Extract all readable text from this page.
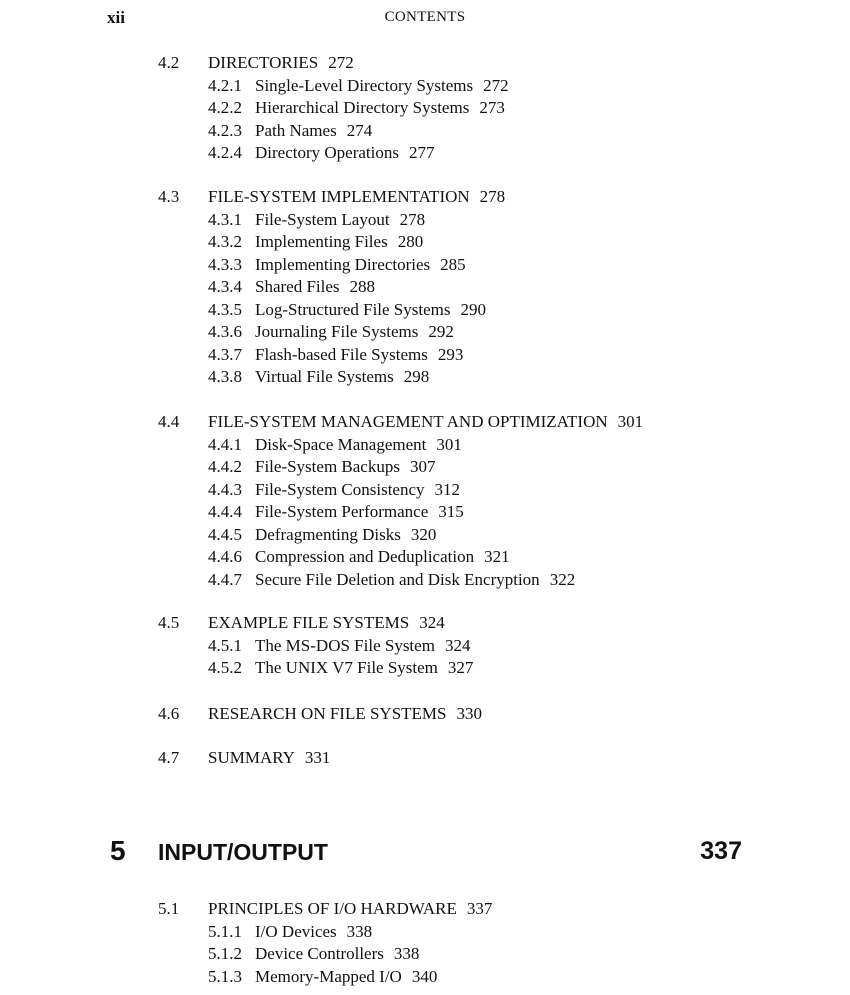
xii	CONTENTS
4.2 DIRECTORIES 272
4.2.1 Single-Level Directory Systems 272
4.2.2 Hierarchical Directory Systems 273
4.2.3 Path Names 274
4.2.4 Directory Operations 277
4.3 FILE-SYSTEM IMPLEMENTATION 278
4.3.1 File-System Layout 278
4.3.2 Implementing Files 280
4.3.3 Implementing Directories 285
4.3.4 Shared Files 288
4.3.5 Log-Structured File Systems 290
4.3.6 Journaling File Systems 292
4.3.7 Flash-based File Systems 293
4.3.8 Virtual File Systems 298
4.4 FILE-SYSTEM MANAGEMENT AND OPTIMIZATION 301
4.4.1 Disk-Space Management 301
4.4.2 File-System Backups 307
4.4.3 File-System Consistency 312
4.4.4 File-System Performance 315
4.4.5 Defragmenting Disks 320
4.4.6 Compression and Deduplication 321
4.4.7 Secure File Deletion and Disk Encryption 322
4.5 EXAMPLE FILE SYSTEMS 324
4.5.1 The MS-DOS File System 324
4.5.2 The UNIX V7 File System 327
4.6 RESEARCH ON FILE SYSTEMS 330
4.7 SUMMARY 331
5 INPUT/OUTPUT	337
5.1 PRINCIPLES OF I/O HARDWARE 337
5.1.1 I/O Devices 338
5.1.2 Device Controllers 338
5.1.3 Memory-Mapped I/O 340
